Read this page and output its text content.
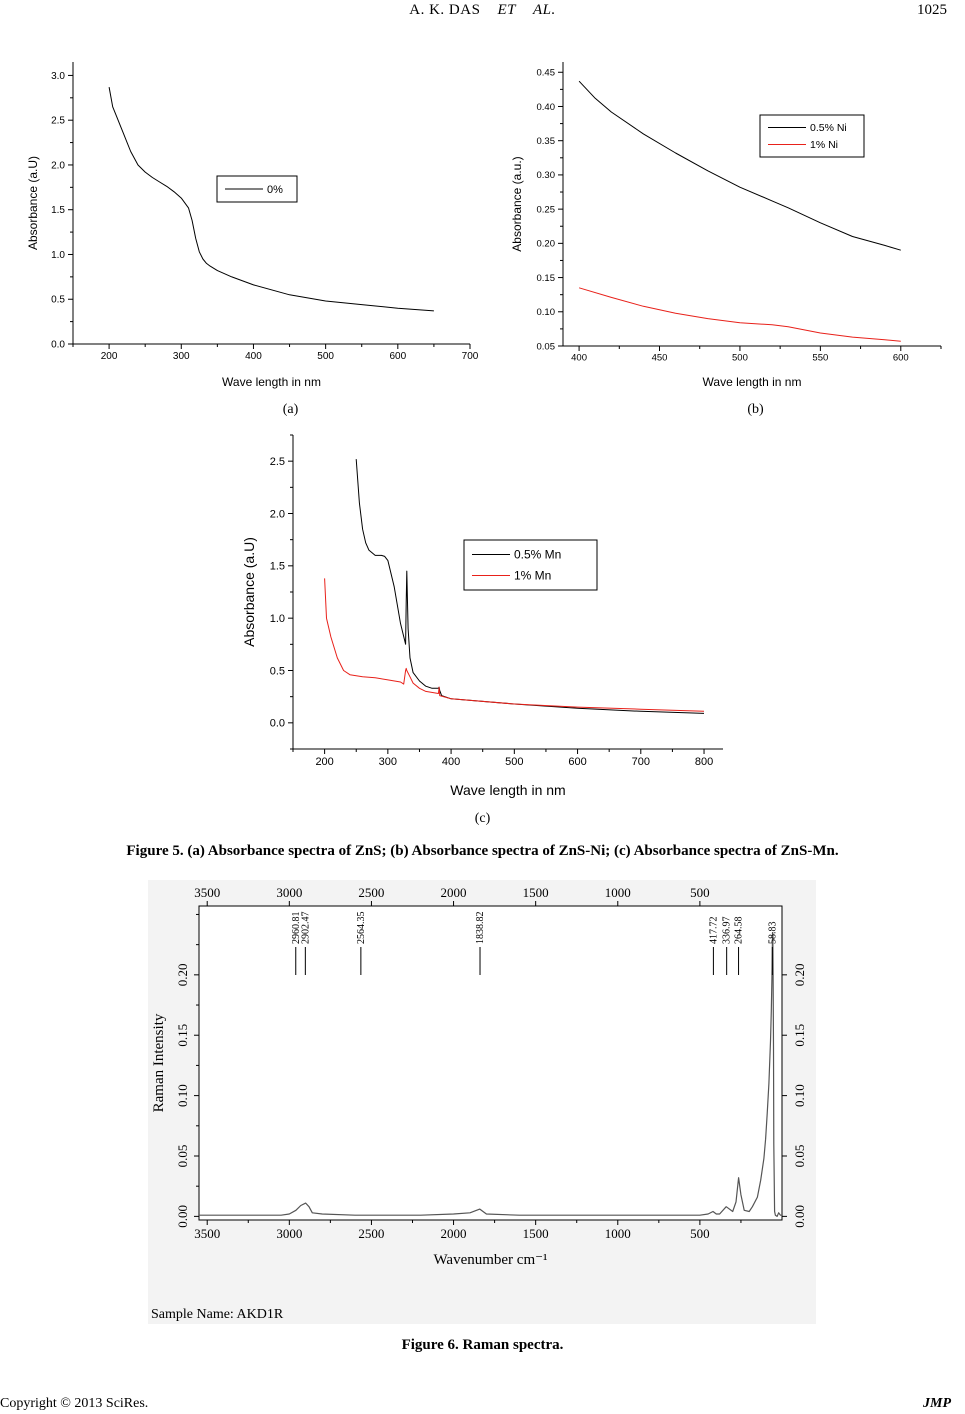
A. K. DAS ET AL.	1025
200	300	400	500	600	700
0.0
0.5
1.0
1.5
2.0
2.5
3.0
Wave length in nm
Absorbance (a.U)	0%
400	450	500	550	600
0.05
0.10
0.15
0.20
0.25
0.30
0.35
0.40
0.45
Wave length in nm
Absorbance (a.u.)
0.5% Ni
1% Ni
200	300	400	500	600	700	800
0.0
0.5
1.0
1.5
2.0
2.5
Wave length in nm
Absorbance (a.U)	0.5% Mn
1% Mn
3500
3500
3000
3000
2500
2500
2000
2000
1500
1500
1000
1000
500
500
0.00	0.00
0.05	0.05
0.10	0.10
0.15	0.15
0.20	0.20
Wavenumber cm⁻¹
Raman Intensity
2960.81
2902.47	2564.35	1838.82	417.72 336.97 264.58 58.83
Sample Name: AKD1R
(a)	(b)
(c)
Figure 5. (a) Absorbance spectra of ZnS; (b) Absorbance spectra of ZnS-Ni; (c) Absorbance spectra of ZnS-Mn.
Figure 6. Raman spectra.
Copyright © 2013 SciRes.	JMP
